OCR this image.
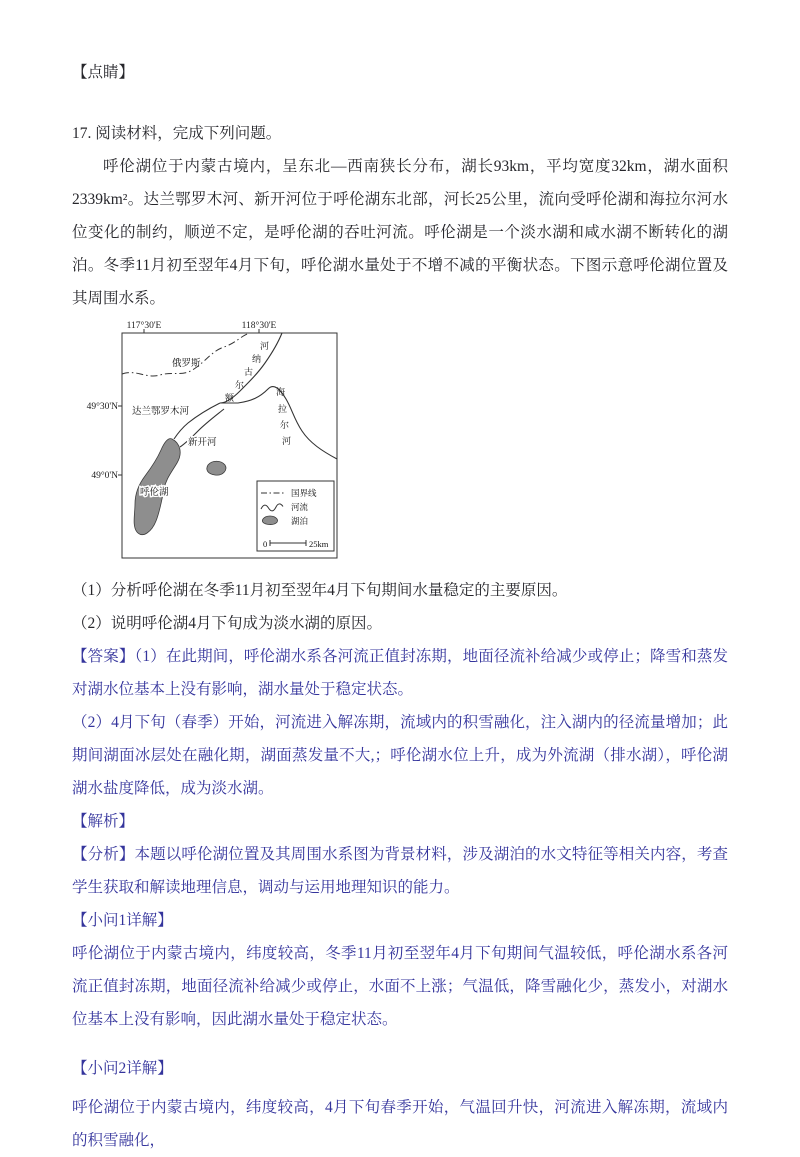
【点睛】

17. 阅读材料，完成下列问题。

呼伦湖位于内蒙古境内，呈东北—西南狭长分布，湖长93km，平均宽度32km，湖水面积2339km²。达兰鄂罗木河、新开河位于呼伦湖东北部，河长25公里，流向受呼伦湖和海拉尔河水位变化的制约，顺逆不定，是呼伦湖的吞吐河流。呼伦湖是一个淡水湖和咸水湖不断转化的湖泊。冬季11月初至翌年4月下旬，呼伦湖水量处于不增不减的平衡状态。下图示意呼伦湖位置及其周围水系。

117°30'E	118°30'E
49°30'N
49°0'N
俄罗斯
额
尔
古
纳
河
海
拉
尔
河
达兰鄂罗木河
新开河
呼伦湖	国界线
河流
湖泊
0	25km

（1）分析呼伦湖在冬季11月初至翌年4月下旬期间水量稳定的主要原因。

（2）说明呼伦湖4月下旬成为淡水湖的原因。

【答案】（1）在此期间，呼伦湖水系各河流正值封冻期，地面径流补给减少或停止；降雪和蒸发对湖水位基本上没有影响，湖水量处于稳定状态。

（2）4月下旬（春季）开始，河流进入解冻期，流域内的积雪融化，注入湖内的径流量增加；此期间湖面冰层处在融化期，湖面蒸发量不大,；呼伦湖水位上升，成为外流湖（排水湖），呼伦湖湖水盐度降低，成为淡水湖。

【解析】

【分析】本题以呼伦湖位置及其周围水系图为背景材料，涉及湖泊的水文特征等相关内容，考查学生获取和解读地理信息，调动与运用地理知识的能力。

【小问1详解】

呼伦湖位于内蒙古境内，纬度较高，冬季11月初至翌年4月下旬期间气温较低，呼伦湖水系各河流正值封冻期，地面径流补给减少或停止，水面不上涨；气温低，降雪融化少，蒸发小，对湖水位基本上没有影响，因此湖水量处于稳定状态。

【小问2详解】

呼伦湖位于内蒙古境内，纬度较高，4月下旬春季开始，气温回升快，河流进入解冻期，流域内的积雪融化，
